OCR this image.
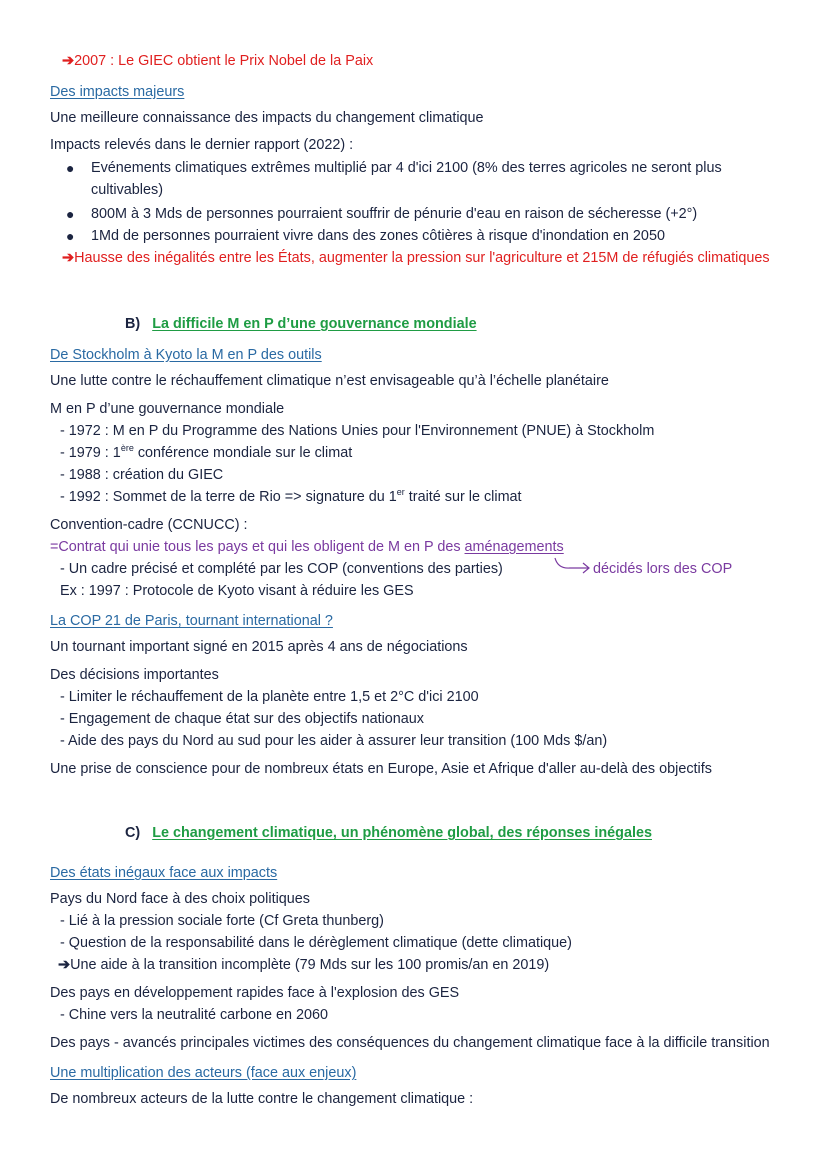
➔2007 : Le GIEC obtient le Prix Nobel de la Paix
Des impacts majeurs
Une meilleure connaissance des impacts du changement climatique
Impacts relevés dans le dernier rapport (2022) :
● Evénements climatiques extrêmes multiplié par 4 d'ici 2100 (8% des terres agricoles ne seront plus
cultivables)
● 800M à 3 Mds de personnes pourraient souffrir de pénurie d'eau en raison de sécheresse (+2°)
● 1Md de personnes pourraient vivre dans des zones côtières à risque d'inondation en 2050
➔Hausse des inégalités entre les États, augmenter la pression sur l'agriculture et 215M de réfugiés climatiques
B) La difficile M en P d’une gouvernance mondiale
De Stockholm à Kyoto la M en P des outils
Une lutte contre le réchauffement climatique n’est envisageable qu’à l’échelle planétaire
M en P d’une gouvernance mondiale
- 1972 : M en P du Programme des Nations Unies pour l'Environnement (PNUE) à Stockholm
- 1979 : 1ère conférence mondiale sur le climat
- 1988 : création du GIEC
- 1992 : Sommet de la terre de Rio => signature du 1er traité sur le climat
Convention-cadre (CCNUCC) :
=Contrat qui unie tous les pays et qui les obligent de M en P des aménagements
- Un cadre précisé et complété par les COP (conventions des parties)	décidés lors des COP
Ex : 1997 : Protocole de Kyoto visant à réduire les GES
La COP 21 de Paris, tournant international ?
Un tournant important signé en 2015 après 4 ans de négociations
Des décisions importantes
- Limiter le réchauffement de la planète entre 1,5 et 2°C d'ici 2100
- Engagement de chaque état sur des objectifs nationaux
- Aide des pays du Nord au sud pour les aider à assurer leur transition (100 Mds $/an)
Une prise de conscience pour de nombreux états en Europe, Asie et Afrique d'aller au-delà des objectifs
C) Le changement climatique, un phénomène global, des réponses inégales
Des états inégaux face aux impacts
Pays du Nord face à des choix politiques
- Lié à la pression sociale forte (Cf Greta thunberg)
- Question de la responsabilité dans le dérèglement climatique (dette climatique)
➔Une aide à la transition incomplète (79 Mds sur les 100 promis/an en 2019)
Des pays en développement rapides face à l'explosion des GES
- Chine vers la neutralité carbone en 2060
Des pays - avancés principales victimes des conséquences du changement climatique face à la difficile transition
Une multiplication des acteurs (face aux enjeux)
De nombreux acteurs de la lutte contre le changement climatique :
